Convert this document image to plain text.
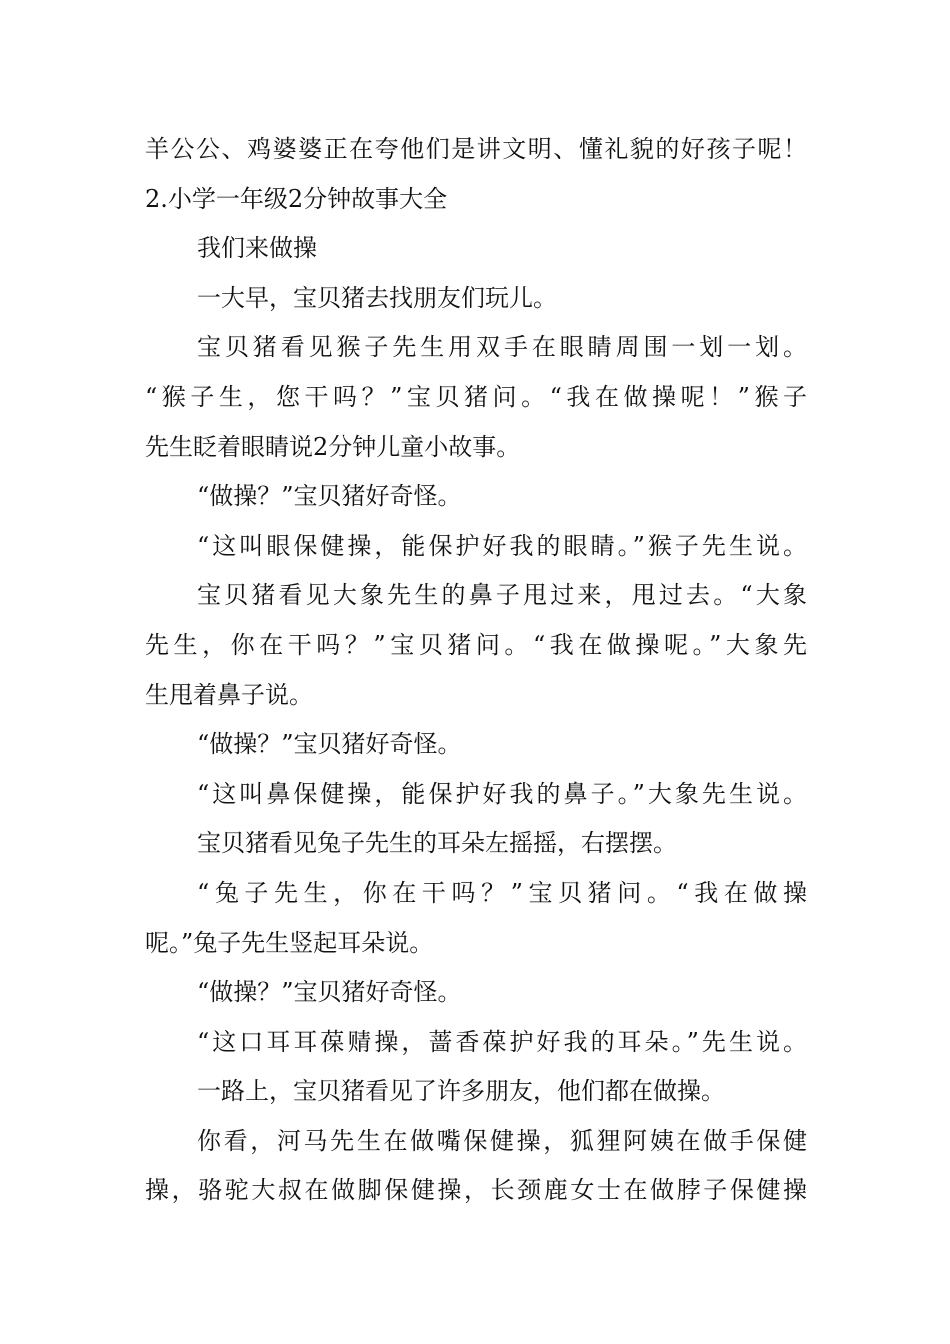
羊公公、鸡婆婆正在夸他们是讲文明、懂礼貌的好孩子呢！
2.小学一年级2分钟故事大全
我们来做操
一大早，宝贝猪去找朋友们玩儿。
宝贝猪看见猴子先生用双手在眼睛周围一划一划。
“猴子生，您干吗？”宝贝猪问。“我在做操呢！”猴子
先生眨着眼睛说2分钟儿童小故事。
“做操？”宝贝猪好奇怪。
“这叫眼保健操，能保护好我的眼睛。”猴子先生说。
宝贝猪看见大象先生的鼻子甩过来，甩过去。“大象
先生，你在干吗？”宝贝猪问。“我在做操呢。”大象先
生甩着鼻子说。
“做操？”宝贝猪好奇怪。
“这叫鼻保健操，能保护好我的鼻子。”大象先生说。
宝贝猪看见兔子先生的耳朵左摇摇，右摆摆。
“兔子先生，你在干吗？”宝贝猪问。“我在做操
呢。”兔子先生竖起耳朵说。
“做操？”宝贝猪好奇怪。
“这口耳耳葆䞍操，蔷香葆护好我的耳朵。”先生说。
一路上，宝贝猪看见了许多朋友，他们都在做操。
你看，河马先生在做嘴保健操，狐狸阿姨在做手保健
操，骆驼大叔在做脚保健操，长颈鹿女士在做脖子保健操
